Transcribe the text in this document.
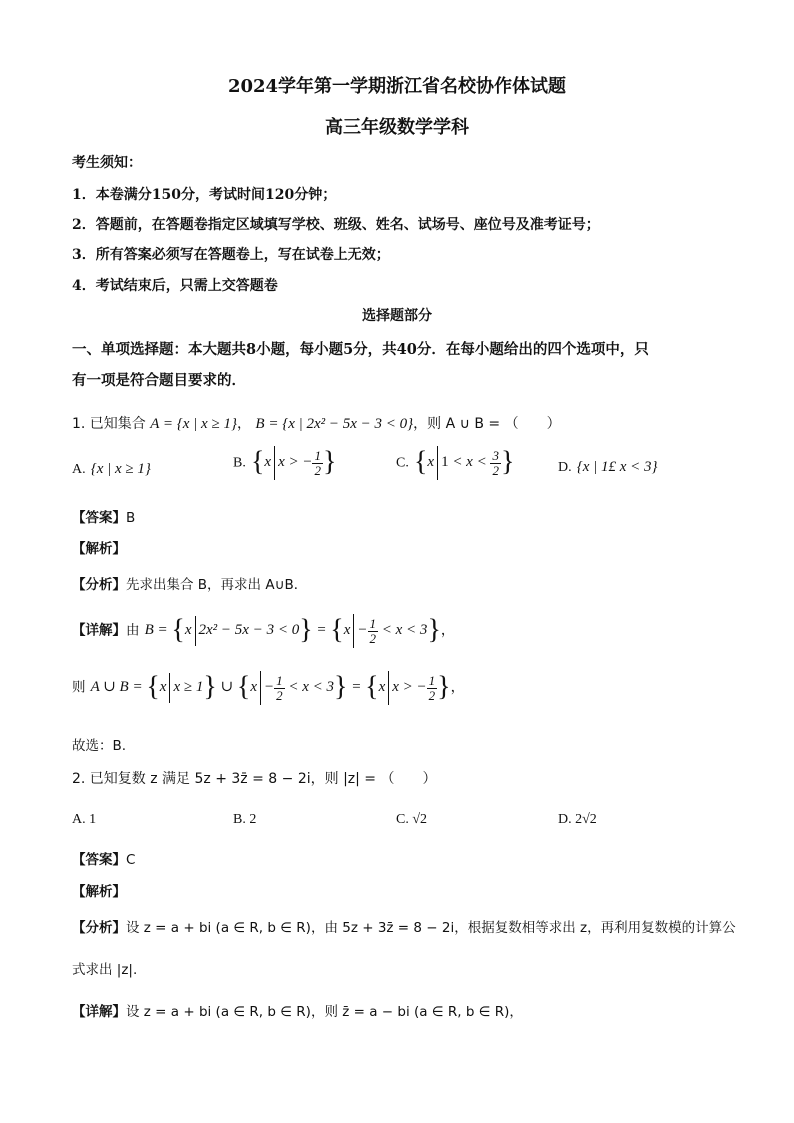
2024学年第一学期浙江省名校协作体试题
高三年级数学学科
考生须知：
1．本卷满分150分，考试时间120分钟；
2．答题前，在答题卷指定区域填写学校、班级、姓名、试场号、座位号及准考证号；
3．所有答案必须写在答题卷上，写在试卷上无效；
4．考试结束后，只需上交答题卷
选择题部分
一、单项选择题：本大题共8小题，每小题5分，共40分．在每小题给出的四个选项中，只
有一项是符合题目要求的．
1. 已知集合 A = {x | x ≥ 1}， B = {x | 2x² − 5x − 3 < 0}，则 A ∪ B = （　　）
A. {x | x ≥ 1}	B. {x x > − $\frac{1}{2}$ }	C. {x $1 < x < \frac{3}{2}$ }	D. {x | 1£ x < 3}
【答案】B
【解析】
【分析】先求出集合 B，再求出 A∪B．
【详解】由 B = {x $2x^2 - 5x - 3 < 0\} = \{x - \frac{1}{2} < x < 3\}$，
则 A ∪ B = {x x ≥ 1} ∪ $\{x - \frac{1}{2} < x < 3\} = \{x$ x > − $\frac{1}{2}$ }，
故选：B.
2. 已知复数 z 满足 5z + 3z̄ = 8 − 2i，则 |z| = （　　）
A. 1	B. 2	C. √2	D. 2√2
【答案】C
【解析】
【分析】设 z = a + bi (a ∈ R, b ∈ R)，由 5z + 3z̄ = 8 − 2i，根据复数相等求出 z，再利用复数模的计算公
式求出 |z|.
【详解】设 z = a + bi (a ∈ R, b ∈ R)，则 z̄ = a − bi (a ∈ R, b ∈ R)，
